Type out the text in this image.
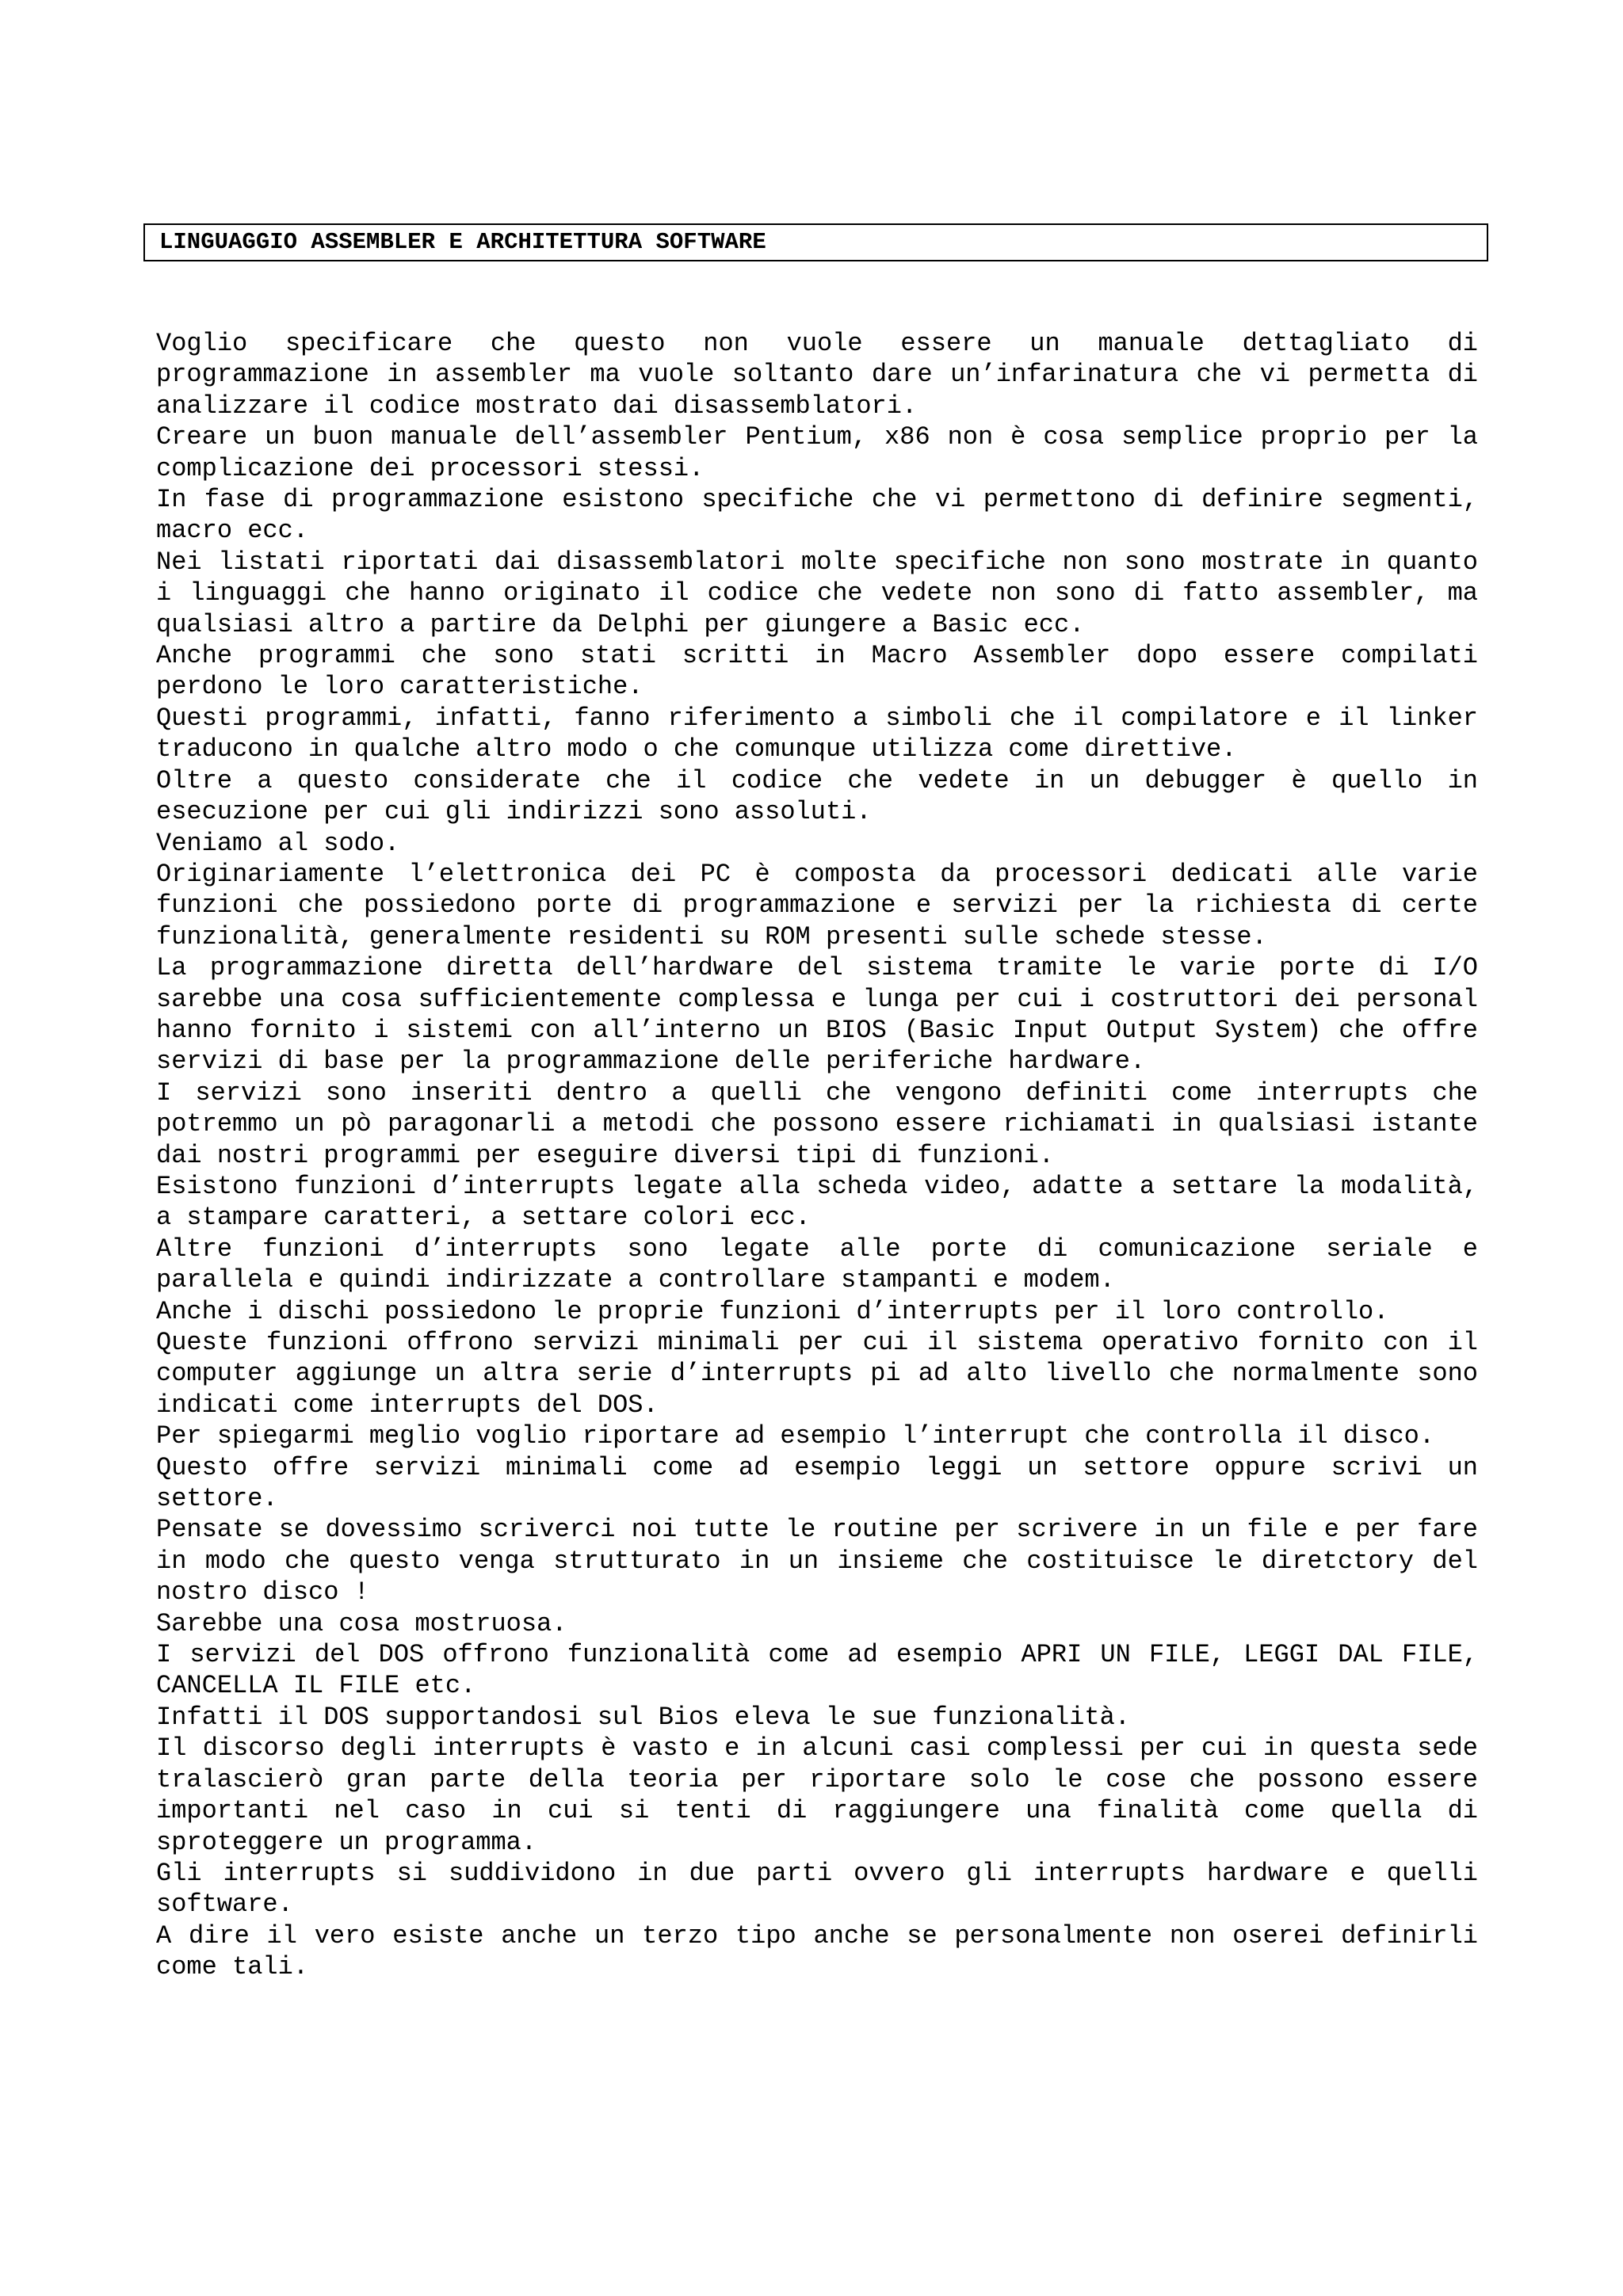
LINGUAGGIO ASSEMBLER E ARCHITETTURA SOFTWARE

Voglio specificare che questo non vuole essere un manuale dettagliato di programmazione in assembler ma vuole soltanto dare un’infarinatura che vi permetta di analizzare il codice mostrato dai disassemblatori.

Creare un buon manuale dell’assembler Pentium, x86 non è cosa semplice proprio per la complicazione dei processori stessi.

In fase di programmazione esistono specifiche che vi permettono di definire segmenti, macro ecc.

Nei listati riportati dai disassemblatori molte specifiche non sono mostrate in quanto i linguaggi che hanno originato il codice che vedete non sono di fatto assembler, ma qualsiasi altro a partire da Delphi per giungere a Basic ecc.

Anche programmi che sono stati scritti in Macro Assembler dopo essere compilati perdono le loro caratteristiche.

Questi programmi, infatti, fanno riferimento a simboli che il compilatore e il linker traducono in qualche altro modo o che comunque utilizza come direttive.

Oltre a questo considerate che il codice che vedete in un debugger è quello in esecuzione per cui gli indirizzi sono assoluti.

Veniamo al sodo.

Originariamente l’elettronica dei PC è composta da processori dedicati alle varie funzioni che possiedono porte di programmazione e servizi per la richiesta di certe funzionalità, generalmente residenti su ROM presenti sulle schede stesse.

La programmazione diretta dell’hardware del sistema tramite le varie porte di I/O sarebbe una cosa sufficientemente complessa e lunga per cui i costruttori dei personal hanno fornito i sistemi con all’interno un BIOS (Basic Input Output System) che offre servizi di base per la programmazione delle periferiche hardware.

I servizi sono inseriti dentro a quelli che vengono definiti come interrupts che potremmo un pò paragonarli a metodi che possono essere richiamati in qualsiasi istante dai nostri programmi per eseguire diversi tipi di funzioni.

Esistono funzioni d’interrupts legate alla scheda video, adatte a settare la modalità, a stampare caratteri, a settare colori ecc.

Altre funzioni d’interrupts sono legate alle porte di comunicazione seriale e parallela e quindi indirizzate a controllare stampanti e modem.

Anche i dischi possiedono le proprie funzioni d’interrupts per il loro controllo.

Queste funzioni offrono servizi minimali per cui il sistema operativo fornito con il computer aggiunge un altra serie d’interrupts pi ad alto livello che normalmente sono indicati come interrupts del DOS.

Per spiegarmi meglio voglio riportare ad esempio l’interrupt che controlla il disco.

Questo offre servizi minimali come ad esempio leggi un settore oppure scrivi un settore.

Pensate se dovessimo scriverci noi tutte le routine per scrivere in un file e per fare in modo che questo venga strutturato in un insieme che costituisce le diretctory del nostro disco !

Sarebbe una cosa mostruosa.

I servizi del DOS offrono funzionalità come ad esempio APRI UN FILE, LEGGI DAL FILE, CANCELLA IL FILE etc.

Infatti il DOS supportandosi sul Bios eleva le sue funzionalità.

Il discorso degli interrupts è vasto e in alcuni casi complessi per cui in questa sede tralascierò gran parte della teoria per riportare solo le cose che possono essere importanti nel caso in cui si tenti di raggiungere una finalità come quella di sproteggere un programma.

Gli interrupts si suddividono in due parti ovvero gli interrupts hardware e quelli software.

A dire il vero esiste anche un terzo tipo anche se personalmente non oserei definirli come tali.
